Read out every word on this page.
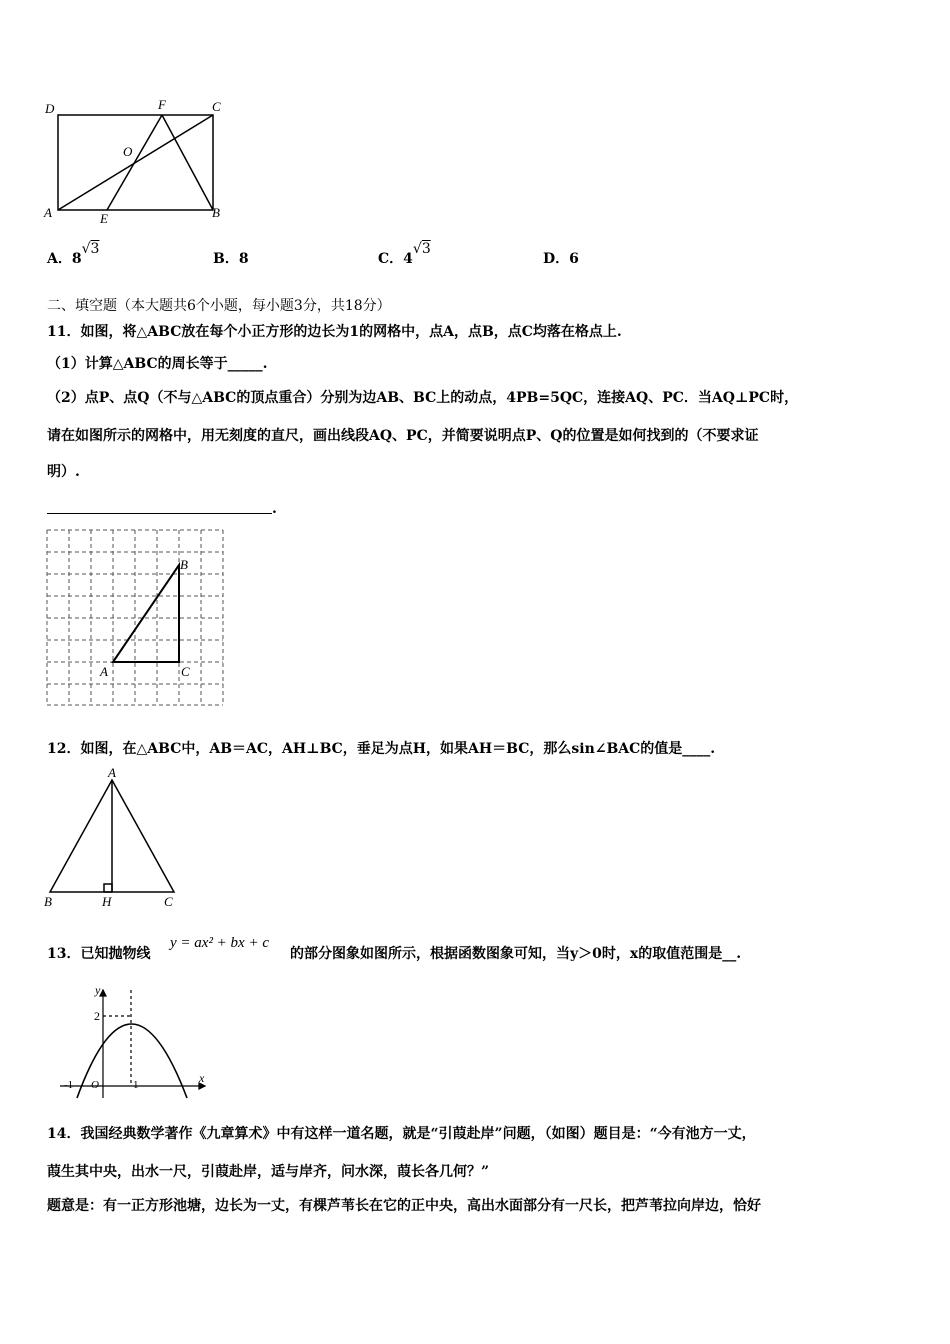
D	F	C
O
A	E	B
A．8√3
B．8	C．4√3
D．6
二、填空题（本大题共6个小题，每小题3分，共18分）
11．如图，将△ABC放在每个小正方形的边长为1的网格中，点A，点B，点C均落在格点上.
（1）计算△ABC的周长等于_____.
（2）点P、点Q（不与△ABC的顶点重合）分别为边AB、BC上的动点，4PB=5QC，连接AQ、PC．当AQ⊥PC时，
请在如图所示的网格中，用无刻度的直尺，画出线段AQ、PC，并简要说明点P、Q的位置是如何找到的（不要求证
明）.
.
A
B
C
12．如图，在△ABC中，AB＝AC，AH⊥BC，垂足为点H，如果AH＝BC，那么sin∠BAC的值是____.
A
B	H	C
13．已知抛物线
y = ax² + bx + c
的部分图象如图所示，根据函数图象可知，当y＞0时，x的取值范围是__.
y
x
2
-1 O	1
14．我国经典数学著作《九章算术》中有这样一道名题，就是“引葭赴岸”问题，（如图）题目是：“今有池方一丈，
葭生其中央，出水一尺，引葭赴岸，适与岸齐，问水深，葭长各几何？”
题意是：有一正方形池塘，边长为一丈，有棵芦苇长在它的正中央，高出水面部分有一尺长，把芦苇拉向岸边，恰好
